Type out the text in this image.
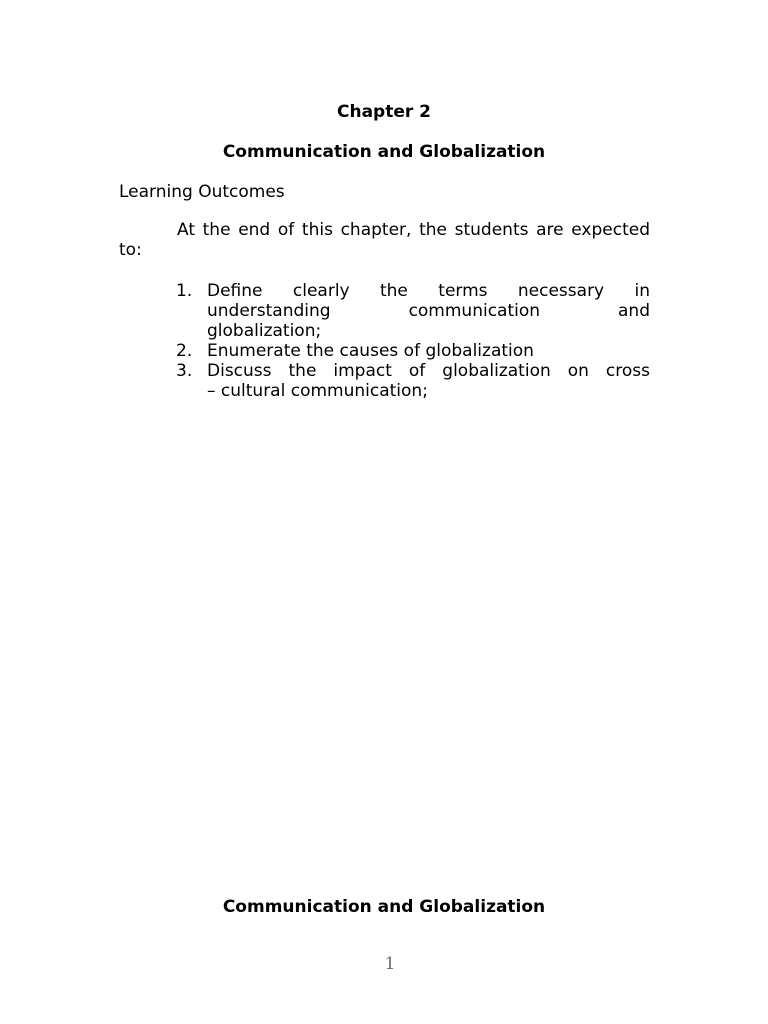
Chapter 2
Communication and Globalization
Learning Outcomes

At the end of this chapter, the students are expected to:

1. Define clearly the terms necessary in understanding communication and
globalization;
2. Enumerate the causes of globalization
3. Discuss the impact of globalization on cross
– cultural communication;
Communication and Globalization
1
